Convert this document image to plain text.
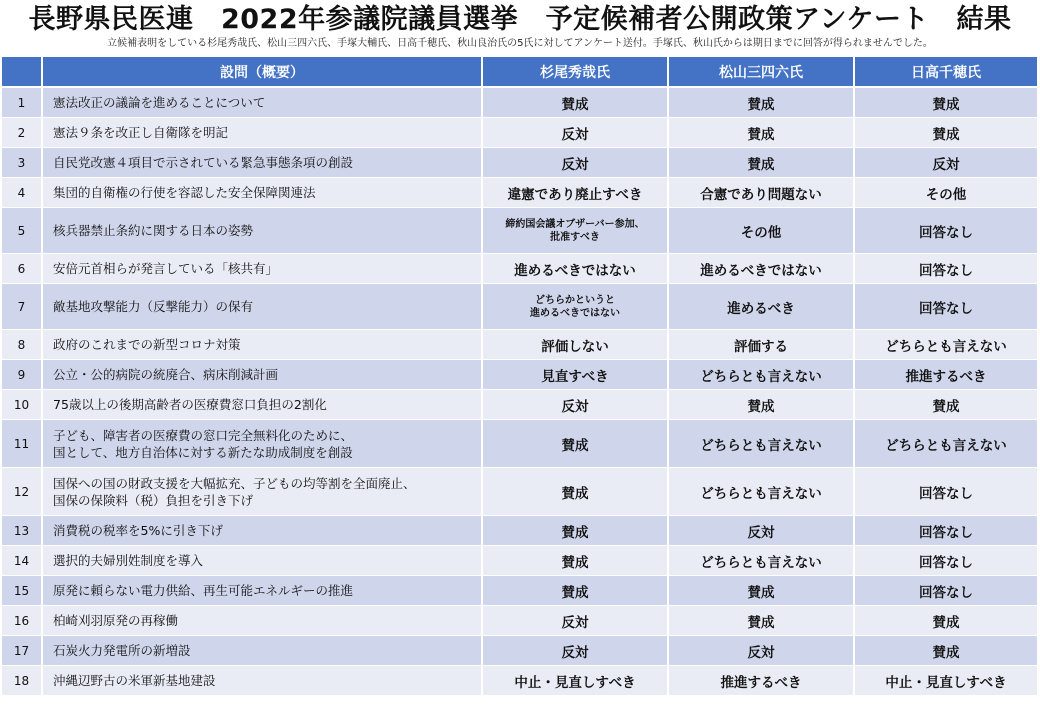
長野県民医連　2022年参議院議員選挙　予定候補者公開政策アンケート　結果
立候補表明をしている杉尾秀哉氏、松山三四六氏、手塚大輔氏、日高千穂氏、秋山良治氏の5氏に対してアンケート送付。手塚氏、秋山氏からは期日までに回答が得られませんでした。
	設問（概要）	杉尾秀哉氏	松山三四六氏	日高千穂氏
1	憲法改正の議論を進めることについて	賛成	賛成	賛成

2	憲法９条を改正し自衛隊を明記	反対	賛成	賛成

3	自民党改憲４項目で示されている緊急事態条項の創設	反対	賛成	反対

4	集団的自衛権の行使を容認した安全保障関連法	違憲であり廃止すべき	合憲であり問題ない	その他

5	核兵器禁止条約に関する日本の姿勢	締約国会議オブザーバー参加、
批准すべき	その他	回答なし

6	安倍元首相らが発言している「核共有」	進めるべきではない	進めるべきではない	回答なし

7	敵基地攻撃能力（反撃能力）の保有	どちらかというと
進めるべきではない	進めるべき	回答なし

8	政府のこれまでの新型コロナ対策	評価しない	評価する	どちらとも言えない

9	公立・公的病院の統廃合、病床削減計画	見直すべき	どちらとも言えない	推進するべき

10	75歳以上の後期高齢者の医療費窓口負担の2割化	反対	賛成	賛成

11	子ども、障害者の医療費の窓口完全無料化のために、
国として、地方自治体に対する新たな助成制度を創設	賛成	どちらとも言えない	どちらとも言えない

12	国保への国の財政支援を大幅拡充、子どもの均等割を全面廃止、
国保の保険料（税）負担を引き下げ	賛成	どちらとも言えない	回答なし

13	消費税の税率を5%に引き下げ	賛成	反対	回答なし

14	選択的夫婦別姓制度を導入	賛成	どちらとも言えない	回答なし

15	原発に頼らない電力供給、再生可能エネルギーの推進	賛成	賛成	回答なし

16	柏崎刈羽原発の再稼働	反対	賛成	賛成

17	石炭火力発電所の新増設	反対	反対	賛成

18	沖縄辺野古の米軍新基地建設	中止・見直しすべき	推進するべき	中止・見直しすべき
